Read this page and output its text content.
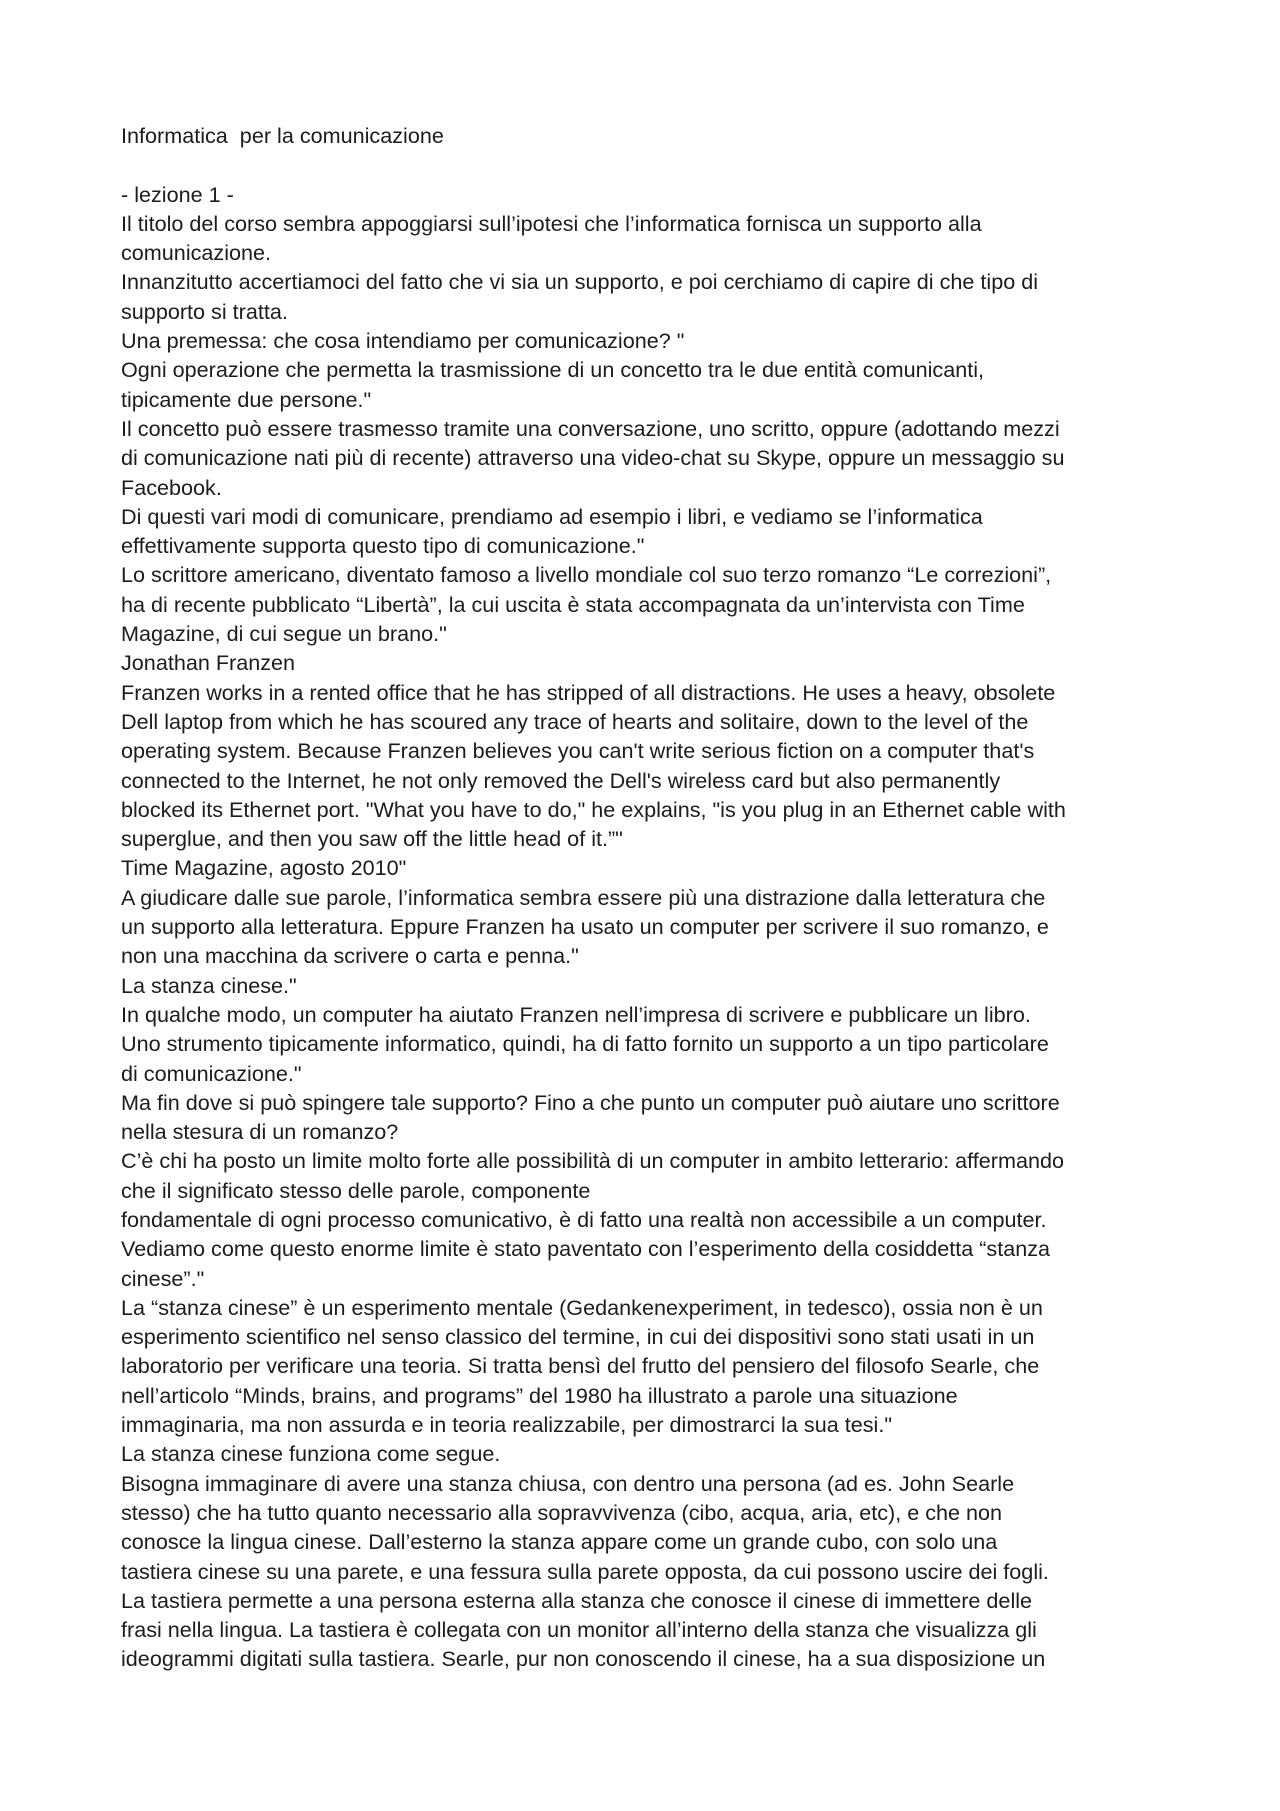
Informatica  per la comunicazione

- lezione 1 -

Il titolo del corso sembra appoggiarsi sull’ipotesi che l’informatica fornisca un supporto alla
comunicazione.

Innanzitutto accertiamoci del fatto che vi sia un supporto, e poi cerchiamo di capire di che tipo di
supporto si tratta.

Una premessa: che cosa intendiamo per comunicazione? "

Ogni operazione che permetta la trasmissione di un concetto tra le due entità comunicanti,
tipicamente due persone."

Il concetto può essere trasmesso tramite una conversazione, uno scritto, oppure (adottando mezzi
di comunicazione nati più di recente) attraverso una video-chat su Skype, oppure un messaggio su
Facebook.

Di questi vari modi di comunicare, prendiamo ad esempio i libri, e vediamo se l’informatica
effettivamente supporta questo tipo di comunicazione."

Lo scrittore americano, diventato famoso a livello mondiale col suo terzo romanzo “Le correzioni”,
ha di recente pubblicato “Libertà”, la cui uscita è stata accompagnata da un’intervista con Time
Magazine, di cui segue un brano."

Jonathan Franzen

Franzen works in a rented office that he has stripped of all distractions. He uses a heavy, obsolete
Dell laptop from which he has scoured any trace of hearts and solitaire, down to the level of the
operating system. Because Franzen believes you can't write serious fiction on a computer that's
connected to the Internet, he not only removed the Dell's wireless card but also permanently
blocked its Ethernet port. "What you have to do," he explains, "is you plug in an Ethernet cable with
superglue, and then you saw off the little head of it.”"

Time Magazine, agosto 2010"

A giudicare dalle sue parole, l’informatica sembra essere più una distrazione dalla letteratura che
un supporto alla letteratura. Eppure Franzen ha usato un computer per scrivere il suo romanzo, e
non una macchina da scrivere o carta e penna."

La stanza cinese."

In qualche modo, un computer ha aiutato Franzen nell’impresa di scrivere e pubblicare un libro.
Uno strumento tipicamente informatico, quindi, ha di fatto fornito un supporto a un tipo particolare
di comunicazione."

Ma fin dove si può spingere tale supporto? Fino a che punto un computer può aiutare uno scrittore
nella stesura di un romanzo?

C’è chi ha posto un limite molto forte alle possibilità di un computer in ambito letterario: affermando
che il significato stesso delle parole, componente

fondamentale di ogni processo comunicativo, è di fatto una realtà non accessibile a un computer.
Vediamo come questo enorme limite è stato paventato con l’esperimento della cosiddetta “stanza
cinese”."

La “stanza cinese” è un esperimento mentale (Gedankenexperiment, in tedesco), ossia non è un
esperimento scientifico nel senso classico del termine, in cui dei dispositivi sono stati usati in un
laboratorio per verificare una teoria. Si tratta bensì del frutto del pensiero del filosofo Searle, che
nell’articolo “Minds, brains, and programs” del 1980 ha illustrato a parole una situazione
immaginaria, ma non assurda e in teoria realizzabile, per dimostrarci la sua tesi."

La stanza cinese funziona come segue.

Bisogna immaginare di avere una stanza chiusa, con dentro una persona (ad es. John Searle
stesso) che ha tutto quanto necessario alla sopravvivenza (cibo, acqua, aria, etc), e che non
conosce la lingua cinese. Dall’esterno la stanza appare come un grande cubo, con solo una
tastiera cinese su una parete, e una fessura sulla parete opposta, da cui possono uscire dei fogli.
La tastiera permette a una persona esterna alla stanza che conosce il cinese di immettere delle
frasi nella lingua. La tastiera è collegata con un monitor all’interno della stanza che visualizza gli
ideogrammi digitati sulla tastiera. Searle, pur non conoscendo il cinese, ha a sua disposizione un
